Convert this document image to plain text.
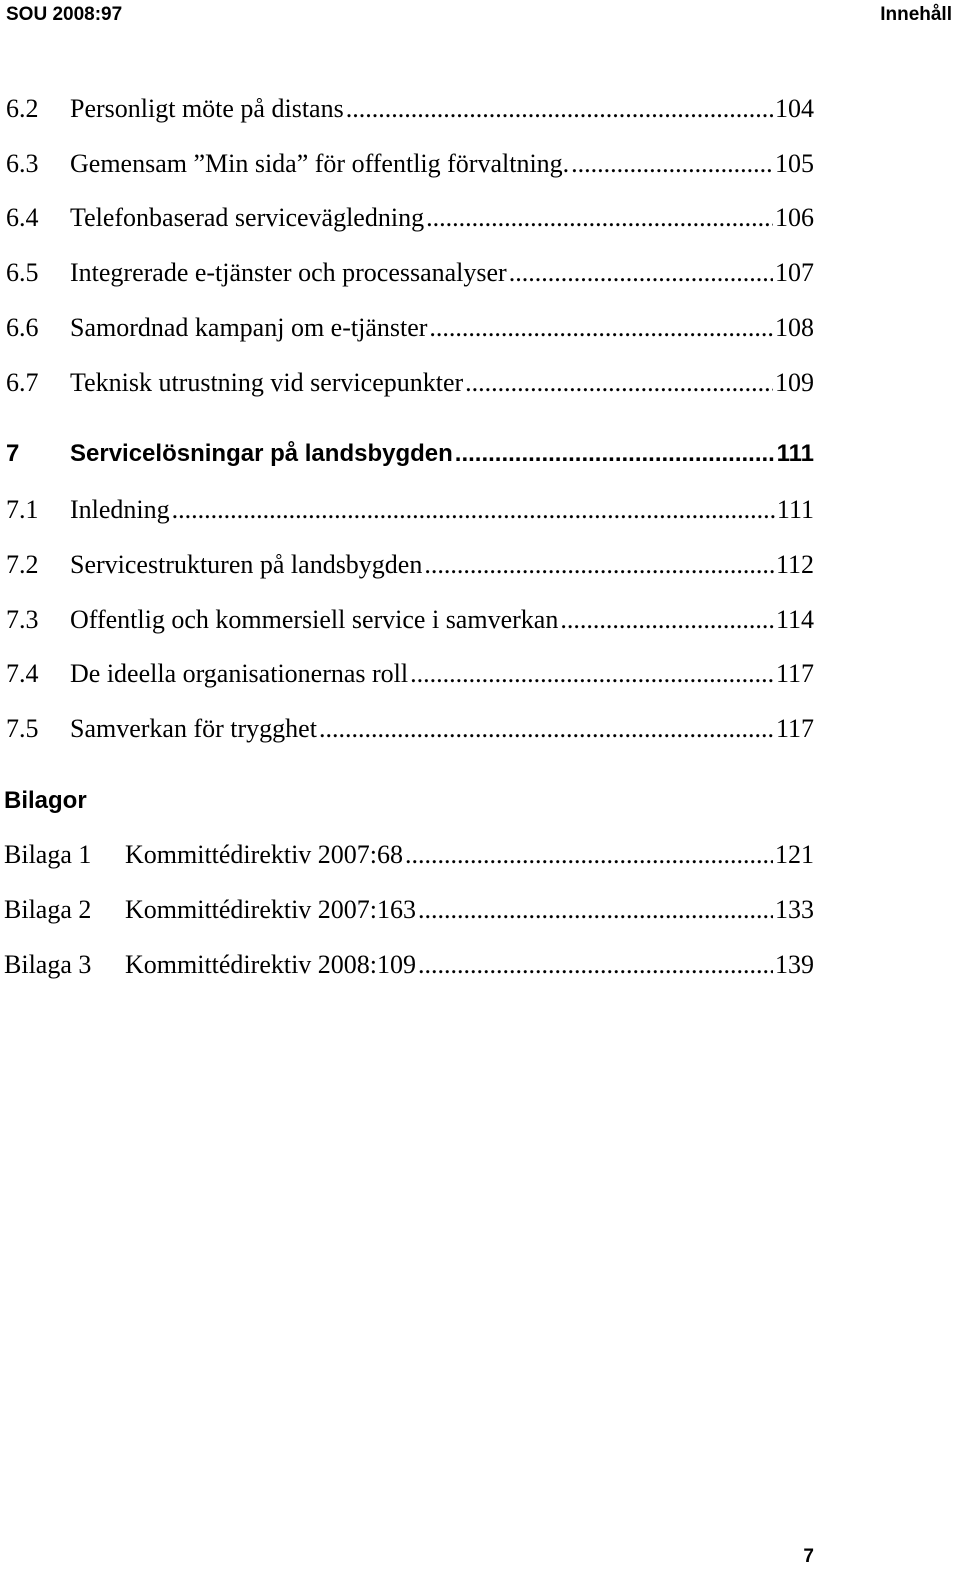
SOU 2008:97	Innehåll
6.2	Personligt möte på distans .....	104
6.3	Gemensam ”Min sida” för offentlig förvaltning. .....	105
6.4	Telefonbaserad servicevägledning .....	106
6.5	Integrerade e-tjänster och processanalyser .....	107
6.6	Samordnad kampanj om e-tjänster .....	108
6.7	Teknisk utrustning vid servicepunkter .....	109
7	Servicelösningar på landsbygden .....	111
7.1	Inledning .....	111
7.2	Servicestrukturen på landsbygden .....	112
7.3	Offentlig och kommersiell service i samverkan .....	114
7.4	De ideella organisationernas roll .....	117
7.5	Samverkan för trygghet .....	117
Bilagor
Bilaga 1	Kommittédirektiv 2007:68 .....	121
Bilaga 2	Kommittédirektiv 2007:163 .....	133
Bilaga 3	Kommittédirektiv 2008:109 .....	139
7
